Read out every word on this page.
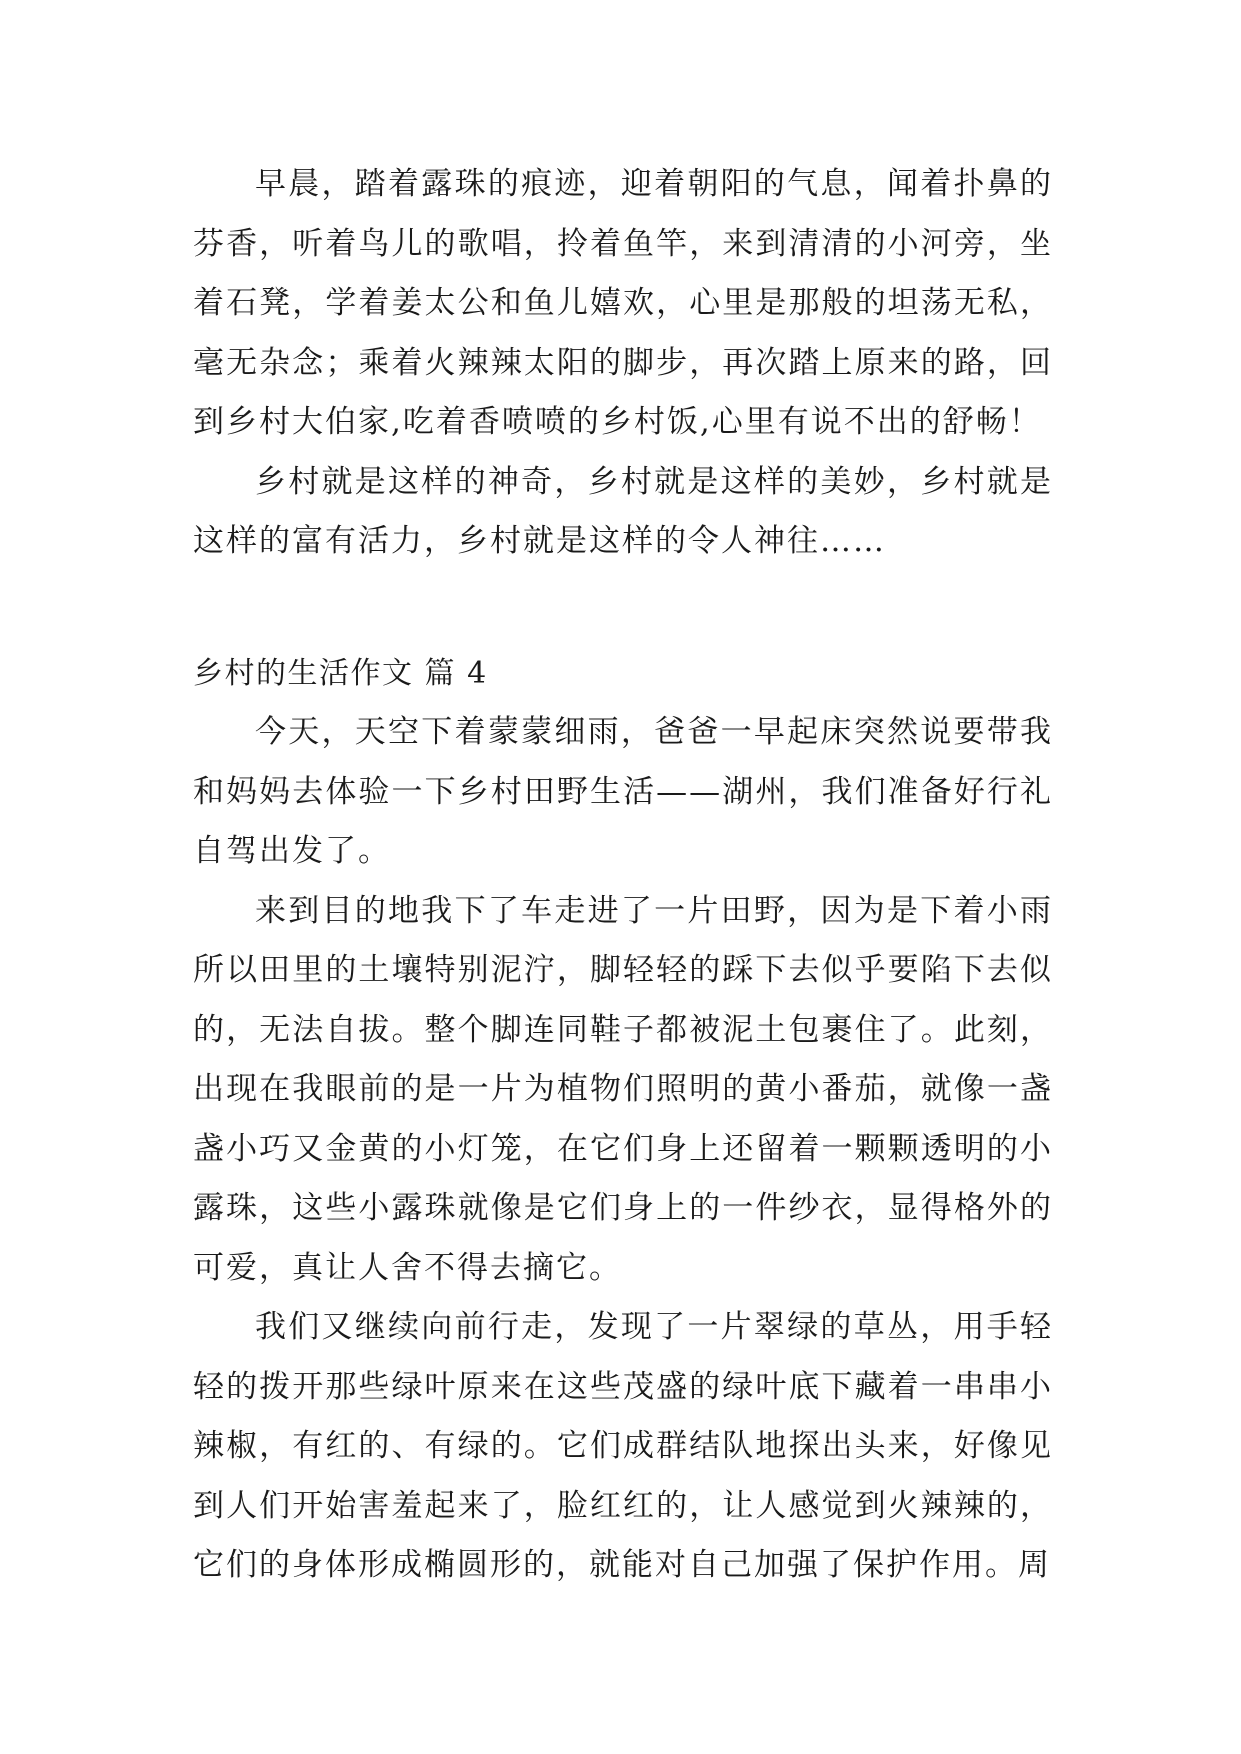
早晨，踏着露珠的痕迹，迎着朝阳的气息，闻着扑鼻的芬香，听着鸟儿的歌唱，拎着鱼竿，来到清清的小河旁，坐着石凳，学着姜太公和鱼儿嬉欢，心里是那般的坦荡无私，毫无杂念；乘着火辣辣太阳的脚步，再次踏上原来的路，回到乡村大伯家,吃着香喷喷的乡村饭,心里有说不出的舒畅！

乡村就是这样的神奇，乡村就是这样的美妙，乡村就是这样的富有活力，乡村就是这样的令人神往……

乡村的生活作文 篇 4

今天，天空下着蒙蒙细雨，爸爸一早起床突然说要带我和妈妈去体验一下乡村田野生活——湖州，我们准备好行礼自驾出发了。

来到目的地我下了车走进了一片田野，因为是下着小雨所以田里的土壤特别泥泞，脚轻轻的踩下去似乎要陷下去似的，无法自拔。整个脚连同鞋子都被泥土包裹住了。此刻，出现在我眼前的是一片为植物们照明的黄小番茄，就像一盏盏小巧又金黄的小灯笼，在它们身上还留着一颗颗透明的小露珠，这些小露珠就像是它们身上的一件纱衣，显得格外的可爱，真让人舍不得去摘它。

我们又继续向前行走，发现了一片翠绿的草丛，用手轻轻的拨开那些绿叶原来在这些茂盛的绿叶底下藏着一串串小辣椒，有红的、有绿的。它们成群结队地探出头来，好像见到人们开始害羞起来了，脸红红的，让人感觉到火辣辣的，它们的身体形成椭圆形的，就能对自己加强了保护作用。周
